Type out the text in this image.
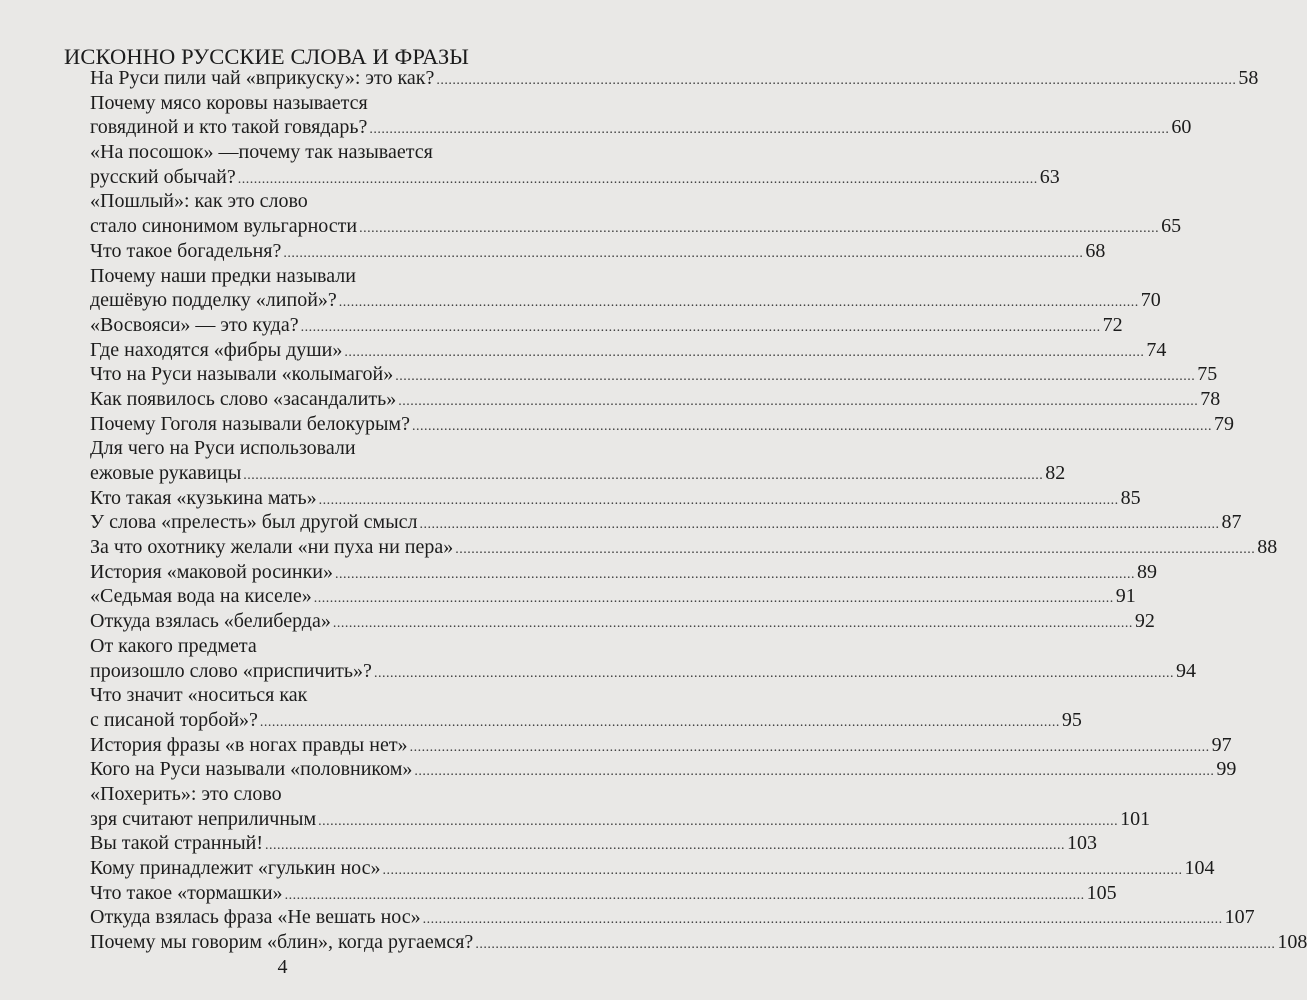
ИСКОННО РУССКИЕ СЛОВА И ФРАЗЫ
На Руси пили чай «вприкуску»: это как? ........................................................................................................................................................................................................ 58
Почему мясо коровы называется
говядиной и кто такой говядарь? ........................................................................................................................................................................................................ 60
«На посошок» —почему так называется
русский обычай? ........................................................................................................................................................................................................ 63
«Пошлый»: как это слово
стало синонимом вульгарности ........................................................................................................................................................................................................ 65
Что такое богадельня? ........................................................................................................................................................................................................ 68
Почему наши предки называли
дешёвую подделку «липой»? ........................................................................................................................................................................................................ 70
«Восвояси» — это куда? ........................................................................................................................................................................................................ 72
Где находятся «фибры души» ........................................................................................................................................................................................................ 74
Что на Руси называли «колымагой» ........................................................................................................................................................................................................ 75
Как появилось слово «засандалить» ........................................................................................................................................................................................................ 78
Почему Гоголя называли белокурым? ........................................................................................................................................................................................................ 79
Для чего на Руси использовали
ежовые рукавицы ........................................................................................................................................................................................................ 82
Кто такая «кузькина мать» ........................................................................................................................................................................................................ 85
У слова «прелесть» был другой смысл ........................................................................................................................................................................................................ 87
За что охотнику желали «ни пуха ни пера» ........................................................................................................................................................................................................ 88
История «маковой росинки» ........................................................................................................................................................................................................ 89
«Седьмая вода на киселе» ........................................................................................................................................................................................................ 91
Откуда взялась «белиберда» ........................................................................................................................................................................................................ 92
От какого предмета
произошло слово «приспичить»? ........................................................................................................................................................................................................ 94
Что значит «носиться как
с писаной торбой»? ........................................................................................................................................................................................................ 95
История фразы «в ногах правды нет» ........................................................................................................................................................................................................ 97
Кого на Руси называли «половником» ........................................................................................................................................................................................................ 99
«Похерить»: это слово
зря считают неприличным ........................................................................................................................................................................................................ 101
Вы такой странный! ........................................................................................................................................................................................................ 103
Кому принадлежит «гулькин нос» ........................................................................................................................................................................................................ 104
Что такое «тормашки» ........................................................................................................................................................................................................ 105
Откуда взялась фраза «Не вешать нос» ........................................................................................................................................................................................................ 107
Почему мы говорим «блин», когда ругаемся? ........................................................................................................................................................................................................ 108
4
